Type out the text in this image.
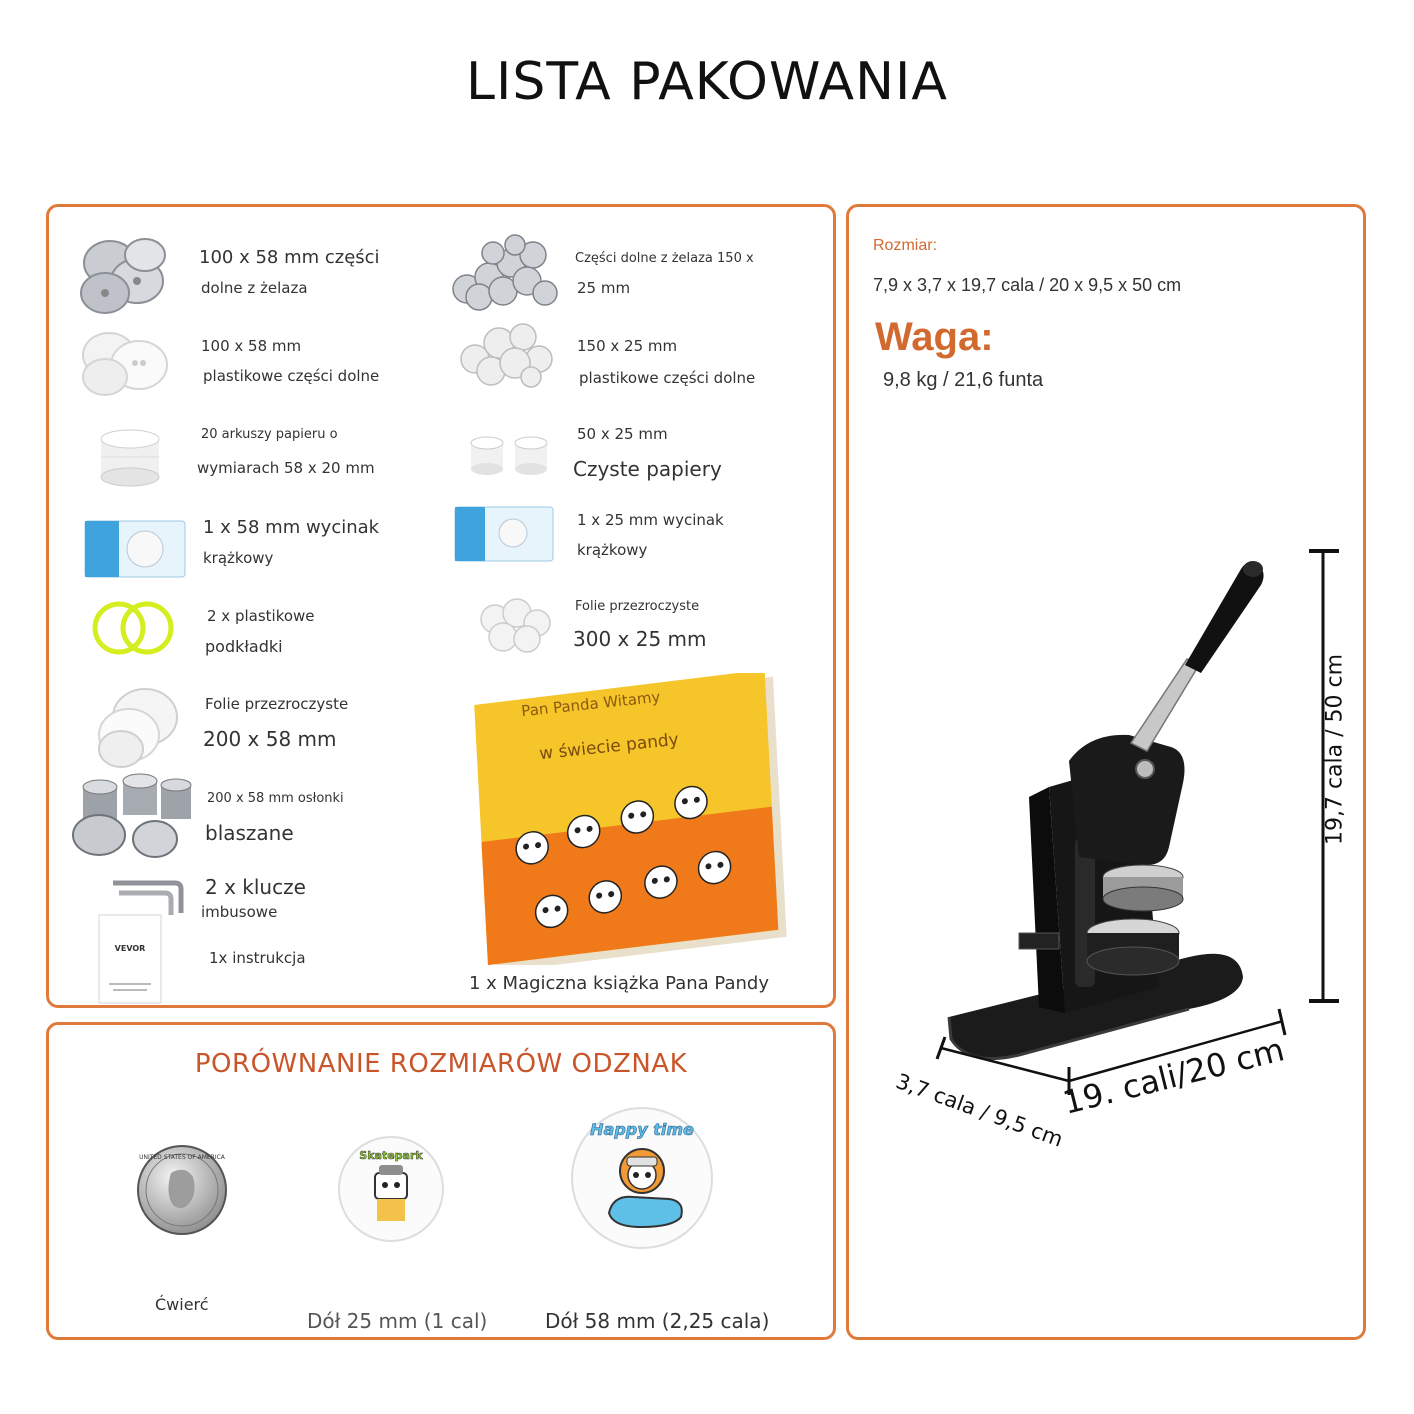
LISTA PAKOWANIA
VEVOR
100 x 58 mm części
dolne z żelaza
100 x 58 mm
plastikowe części dolne
20 arkuszy papieru o
wymiarach 58 x 20 mm
1 x 58 mm wycinak
krążkowy
2 x plastikowe
podkładki
Folie przezroczyste
200 x 58 mm
200 x 58 mm osłonki
blaszane
2 x klucze
imbusowe
1x instrukcja
Części dolne z żelaza 150 x
25 mm
150 x 25 mm
plastikowe części dolne
50 x 25 mm
Czyste papiery
1 x 25 mm wycinak
krążkowy
Folie przezroczyste
300 x 25 mm
Pan Panda Witamy
w świecie pandy
1 x Magiczna książka Pana Pandy
PORÓWNANIE ROZMIARÓW ODZNAK
UNITED STATES OF AMERICA	Skatepark
Happy time
Ćwierć
Dół 25 mm (1 cal)	Dół 58 mm (2,25 cala)
Rozmiar:
7,9 x 3,7 x 19,7 cala / 20 x 9,5 x 50 cm
Waga:
9,8 kg / 21,6 funta
19,7 cala / 50 cm
3,7 cala / 9,5 cm
19. cali/20 cm
